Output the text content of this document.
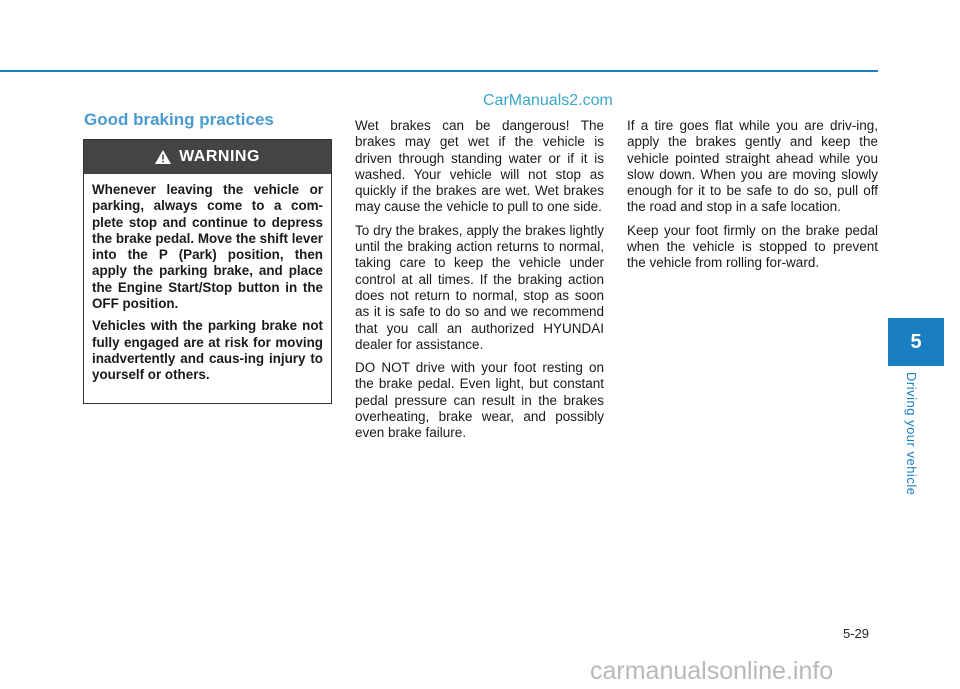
CarManuals2.com
Good braking practices
WARNING

Whenever leaving the vehicle or parking, always come to a com-plete stop and continue to depress the brake pedal. Move the shift lever into the P (Park) position, then apply the parking brake, and place the Engine Start/Stop button in the OFF position.

Vehicles with the parking brake not fully engaged are at risk for moving inadvertently and caus-ing injury to yourself or others.

Wet brakes can be dangerous! The brakes may get wet if the vehicle is driven through standing water or if it is washed. Your vehicle will not stop as quickly if the brakes are wet. Wet brakes may cause the vehicle to pull to one side.

To dry the brakes, apply the brakes lightly until the braking action returns to normal, taking care to keep the vehicle under control at all times. If the braking action does not return to normal, stop as soon as it is safe to do so and we recommend that you call an authorized HYUNDAI dealer for assistance.

DO NOT drive with your foot resting on the brake pedal. Even light, but constant pedal pressure can result in the brakes overheating, brake wear, and possibly even brake failure.

If a tire goes flat while you are driv-ing, apply the brakes gently and keep the vehicle pointed straight ahead while you slow down. When you are moving slowly enough for it to be safe to do so, pull off the road and stop in a safe location.

Keep your foot firmly on the brake pedal when the vehicle is stopped to prevent the vehicle from rolling for-ward.

5
Driving your vehicle
5-29
carmanualsonline.info
